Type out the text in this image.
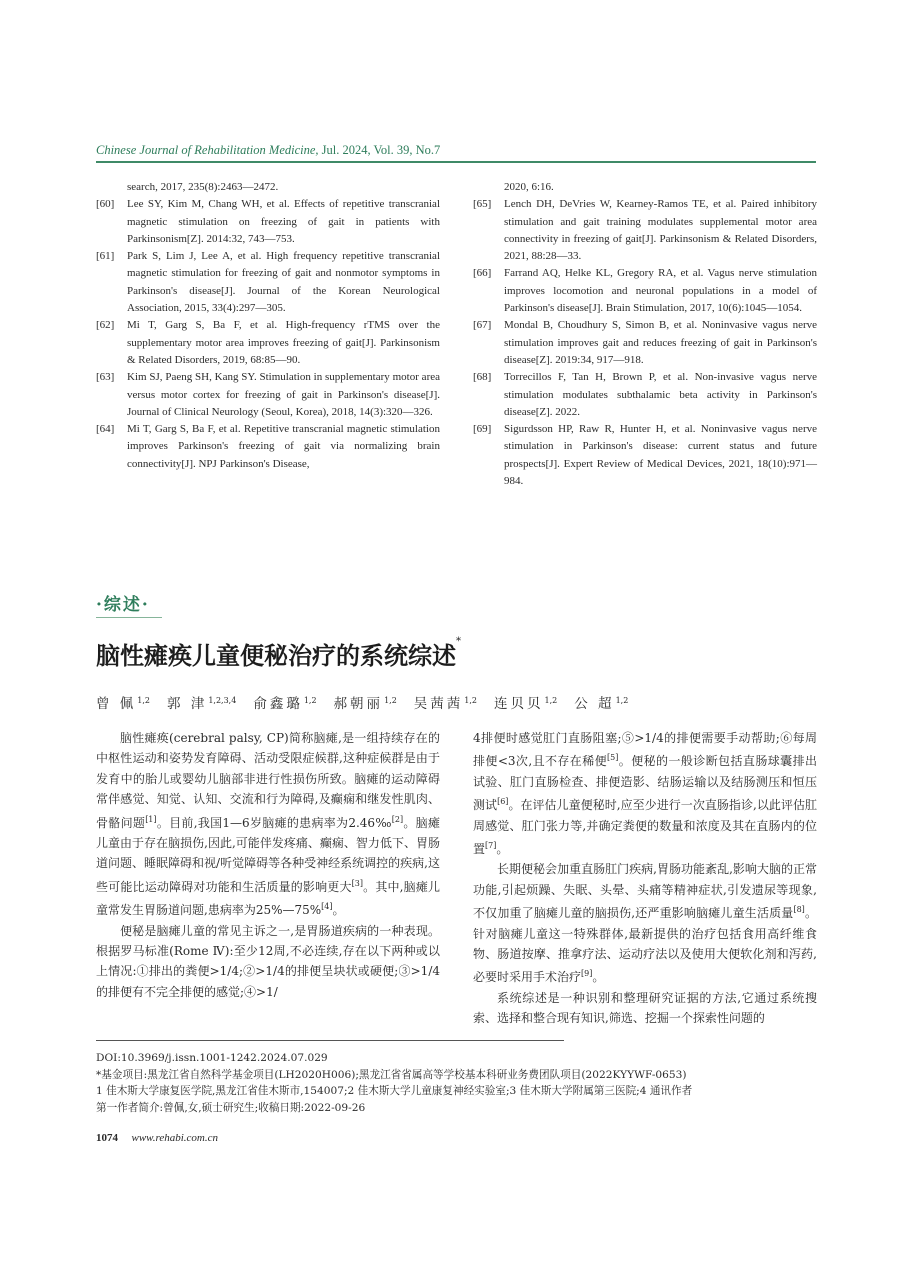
Chinese Journal of Rehabilitation Medicine, Jul. 2024, Vol. 39, No.7
search, 2017, 235(8):2463—2472.
[60] Lee SY, Kim M, Chang WH, et al. Effects of repetitive transcranial magnetic stimulation on freezing of gait in patients with Parkinsonism[Z]. 2014:32, 743—753.
[61] Park S, Lim J, Lee A, et al. High frequency repetitive transcranial magnetic stimulation for freezing of gait and nonmotor symptoms in Parkinson's disease[J]. Journal of the Korean Neurological Association, 2015, 33(4):297—305.
[62] Mi T, Garg S, Ba F, et al. High-frequency rTMS over the supplementary motor area improves freezing of gait[J]. Parkinsonism & Related Disorders, 2019, 68:85—90.
[63] Kim SJ, Paeng SH, Kang SY. Stimulation in supplementary motor area versus motor cortex for freezing of gait in Parkinson's disease[J]. Journal of Clinical Neurology (Seoul, Korea), 2018, 14(3):320—326.
[64] Mi T, Garg S, Ba F, et al. Repetitive transcranial magnetic stimulation improves Parkinson's freezing of gait via normalizing brain connectivity[J]. NPJ Parkinson's Disease,
2020, 6:16.
[65] Lench DH, DeVries W, Kearney-Ramos TE, et al. Paired inhibitory stimulation and gait training modulates supplemental motor area connectivity in freezing of gait[J]. Parkinsonism & Related Disorders, 2021, 88:28—33.
[66] Farrand AQ, Helke KL, Gregory RA, et al. Vagus nerve stimulation improves locomotion and neuronal populations in a model of Parkinson's disease[J]. Brain Stimulation, 2017, 10(6):1045—1054.
[67] Mondal B, Choudhury S, Simon B, et al. Noninvasive vagus nerve stimulation improves gait and reduces freezing of gait in Parkinson's disease[Z]. 2019:34, 917—918.
[68] Torrecillos F, Tan H, Brown P, et al. Non-invasive vagus nerve stimulation modulates subthalamic beta activity in Parkinson's disease[Z]. 2022.
[69] Sigurdsson HP, Raw R, Hunter H, et al. Noninvasive vagus nerve stimulation in Parkinson's disease: current status and future prospects[J]. Expert Review of Medical Devices, 2021, 18(10):971—984.
·综述·
脑性瘫痪儿童便秘治疗的系统综述*
曾 佩$^{1,2}$ 郭 津$^{1,2,3,4}$ 俞鑫璐$^{1,2}$ 郝朝丽$^{1,2}$ 吴茜茜$^{1,2}$ 连贝贝$^{1,2}$ 公 超$^{1,2}$

脑性瘫痪(cerebral palsy, CP)简称脑瘫,是一组持续存在的中枢性运动和姿势发育障碍、活动受限症候群,这种症候群是由于发育中的胎儿或婴幼儿脑部非进行性损伤所致。脑瘫的运动障碍常伴感觉、知觉、认知、交流和行为障碍,及癫痫和继发性肌肉、骨骼问题[1]。目前,我国1—6岁脑瘫的患病率为2.46‰[2]。脑瘫儿童由于存在脑损伤,因此,可能伴发疼痛、癫痫、智力低下、胃肠道问题、睡眠障碍和视/听觉障碍等各种受神经系统调控的疾病,这些可能比运动障碍对功能和生活质量的影响更大[3]。其中,脑瘫儿童常发生胃肠道问题,患病率为25%—75%[4]。

便秘是脑瘫儿童的常见主诉之一,是胃肠道疾病的一种表现。根据罗马标准(Rome Ⅳ):至少12周,不必连续,存在以下两种或以上情况:①排出的粪便>1/4;②>1/4的排便呈块状或硬便;③>1/4的排便有不完全排便的感觉;④>1/

4排便时感觉肛门直肠阻塞;⑤>1/4的排便需要手动帮助;⑥每周排便<3次,且不存在稀便[5]。便秘的一般诊断包括直肠球囊排出试验、肛门直肠检查、排便造影、结肠运输以及结肠测压和恒压测试[6]。在评估儿童便秘时,应至少进行一次直肠指诊,以此评估肛周感觉、肛门张力等,并确定粪便的数量和浓度及其在直肠内的位置[7]。

长期便秘会加重直肠肛门疾病,胃肠功能紊乱,影响大脑的正常功能,引起烦躁、失眠、头晕、头痛等精神症状,引发遗尿等现象,不仅加重了脑瘫儿童的脑损伤,还严重影响脑瘫儿童生活质量[8]。针对脑瘫儿童这一特殊群体,最新提供的治疗包括食用高纤维食物、肠道按摩、推拿疗法、运动疗法以及使用大便软化剂和泻药,必要时采用手术治疗[9]。

系统综述是一种识别和整理研究证据的方法,它通过系统搜索、选择和整合现有知识,筛选、挖掘一个探索性问题的

DOI:10.3969/j.issn.1001-1242.2024.07.029
*基金项目:黑龙江省自然科学基金项目(LH2020H006);黑龙江省省属高等学校基本科研业务费团队项目(2022KYYWF-0653)
1 佳木斯大学康复医学院,黑龙江省佳木斯市,154007;2 佳木斯大学儿童康复神经实验室;3 佳木斯大学附属第三医院;4 通讯作者
第一作者简介:曾佩,女,硕士研究生;收稿日期:2022-09-26
1074 www.rehabi.com.cn
